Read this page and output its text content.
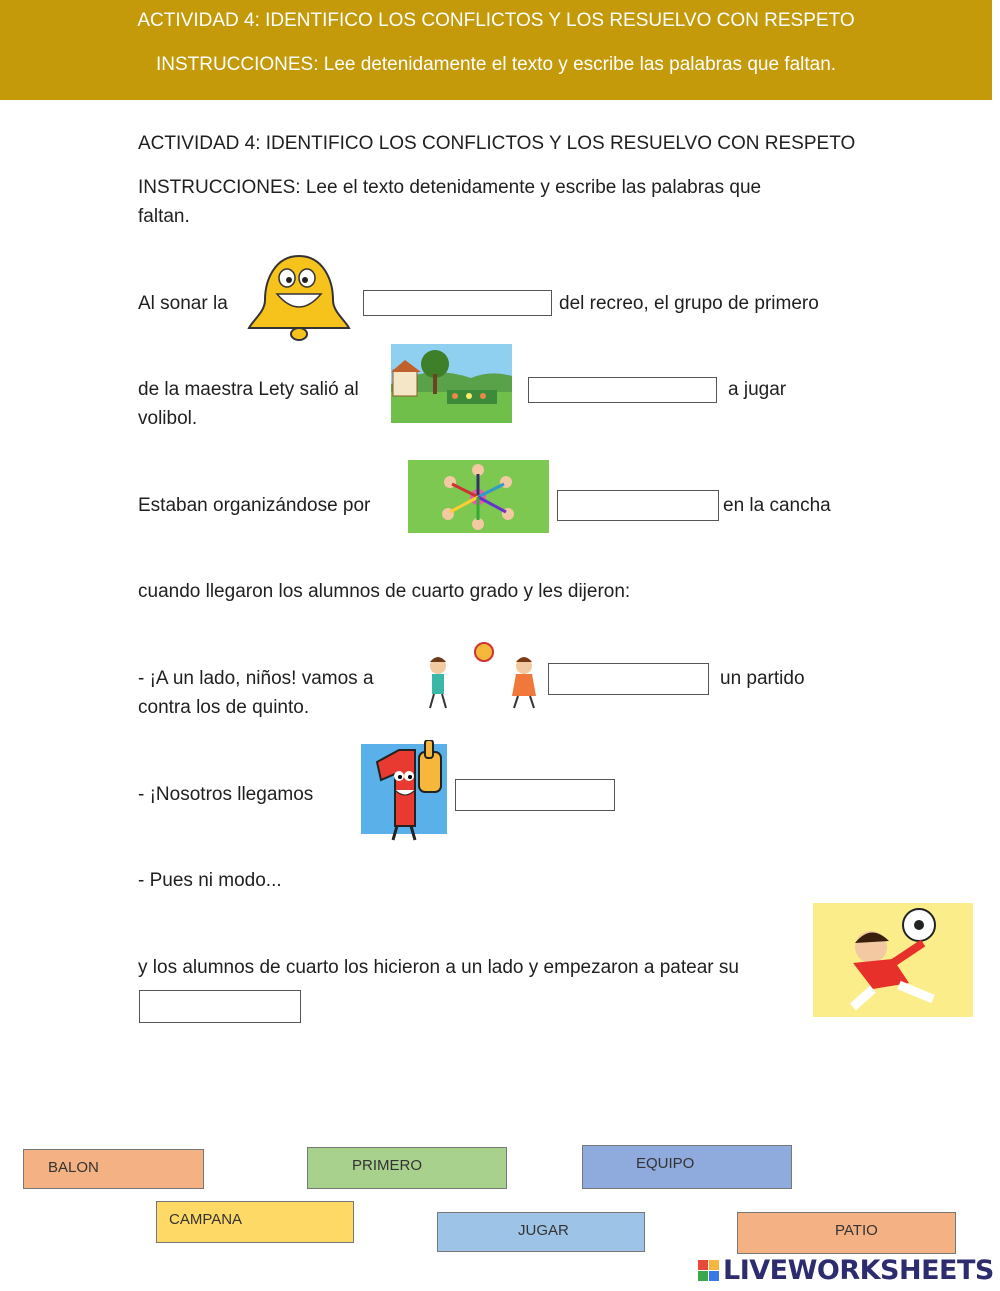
ACTIVIDAD 4: IDENTIFICO LOS CONFLICTOS Y LOS RESUELVO CON RESPETO
INSTRUCCIONES: Lee detenidamente el texto y escribe las palabras que faltan.
ACTIVIDAD 4: IDENTIFICO LOS CONFLICTOS Y LOS RESUELVO CON RESPETO
INSTRUCCIONES: Lee el texto detenidamente y escribe las palabras que
faltan.
Al sonar la	del recreo, el grupo de primero
de la maestra Lety salió al	a jugar
volibol.
Estaban organizándose por	en la cancha
cuando llegaron los alumnos de cuarto grado y les dijeron:
- ¡A un lado, niños! vamos a	un partido
contra los de quinto.
- ¡Nosotros llegamos
- Pues ni modo...
y los alumnos de cuarto los hicieron a un lado y empezaron a patear su
BALON	PRIMERO	EQUIPO
CAMPANA
JUGAR	PATIO
LIVEWORKSHEETS
